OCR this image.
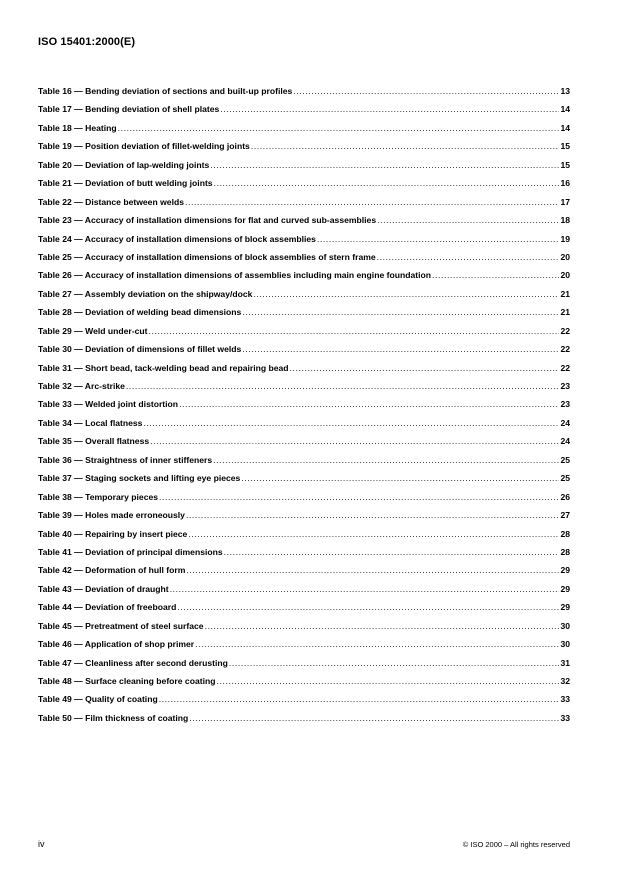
ISO 15401:2000(E)
Table 16 — Bending deviation of sections and built-up profiles .....	13
Table 17 — Bending deviation of shell plates .....	14
Table 18 — Heating .....	14
Table 19 — Position deviation of fillet-welding joints .....	15
Table 20 — Deviation of lap-welding joints .....	15
Table 21 — Deviation of butt welding joints .....	16
Table 22 — Distance between welds .....	17
Table 23 — Accuracy of installation dimensions for flat and curved sub-assemblies .....	18
Table 24 — Accuracy of installation dimensions of block assemblies .....	19
Table 25 — Accuracy of installation dimensions of block assemblies of stern frame .....	20
Table 26 — Accuracy of installation dimensions of assemblies including main engine foundation .....	20
Table 27 — Assembly deviation on the shipway/dock .....	21
Table 28 — Deviation of welding bead dimensions .....	21
Table 29 — Weld under-cut .....	22
Table 30 — Deviation of dimensions of fillet welds .....	22
Table 31 — Short bead, tack-welding bead and repairing bead .....	22
Table 32 — Arc-strike .....	23
Table 33 — Welded joint distortion .....	23
Table 34 — Local flatness .....	24
Table 35 — Overall flatness .....	24
Table 36 — Straightness of inner stiffeners .....	25
Table 37 — Staging sockets and lifting eye pieces .....	25
Table 38 — Temporary pieces .....	26
Table 39 — Holes made erroneously .....	27
Table 40 — Repairing by insert piece .....	28
Table 41 — Deviation of principal dimensions .....	28
Table 42 — Deformation of hull form .....	29
Table 43 — Deviation of draught .....	29
Table 44 — Deviation of freeboard .....	29
Table 45 — Pretreatment of steel surface .....	30
Table 46 — Application of shop primer .....	30
Table 47 — Cleanliness after second derusting .....	31
Table 48 — Surface cleaning before coating .....	32
Table 49 — Quality of coating .....	33
Table 50 — Film thickness of coating .....	33
iv	© ISO 2000 – All rights reserved
